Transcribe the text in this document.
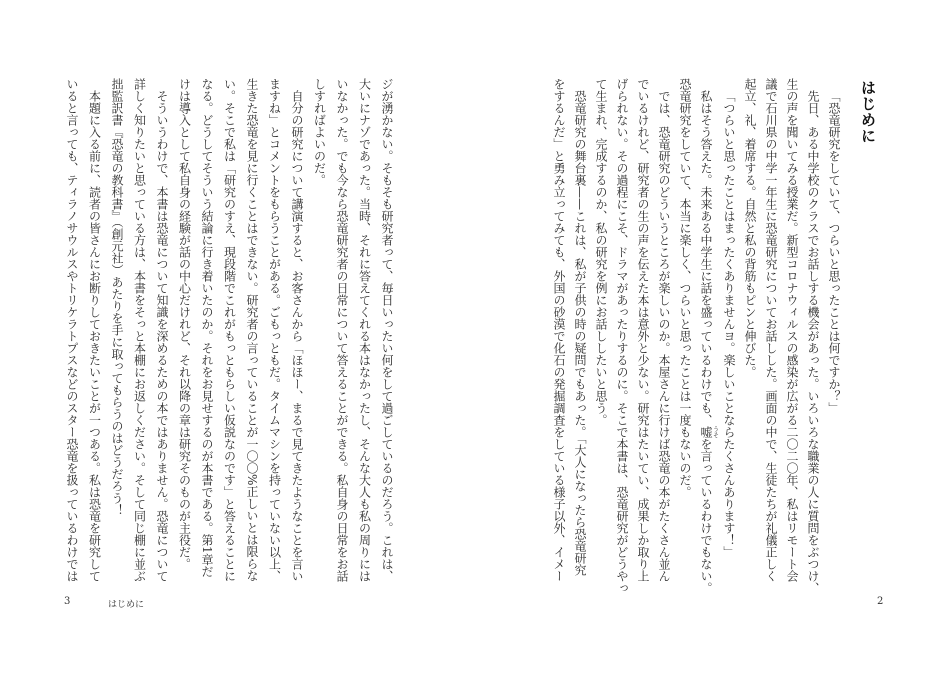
はじめに
「恐竜研究をしていて、つらいと思ったことは何ですか？」
先日、ある中学校のクラスでお話しする機会があった。いろいろな職業の人に質問をぶつけ、
生の声を聞いてみる授業だ。新型コロナウィルスの感染が広がる二〇二〇年、私はリモート会
議で石川県の中学一年生に恐竜研究についてお話しした。画面の中で、生徒たちが礼儀正しく
起立、礼、着席する。自然と私の背筋もピンと伸びた。
「つらいと思ったことはまったくありませんヨ。楽しいことならたくさんあります！」
私はそう答えた。未来ある中学生に話を盛っているわけでも、嘘うそを言っているわけでもない。
恐竜研究をしていて、本当に楽しく、つらいと思ったことは一度もないのだ。
では、恐竜研究のどういうところが楽しいのか。本屋さんに行けば恐竜の本がたくさん並ん
でいるけれど、研究者の生の声を伝えた本は意外と少ない。研究はたいてい、成果しか取り上
げられない。その過程にこそ、ドラマがあったりするのに。そこで本書は、恐竜研究がどうやっ
て生まれ、完成するのか、私の研究を例にお話ししたいと思う。
恐竜研究の舞台裏——これは、私が子供の時の疑問でもあった。「大人になったら恐竜研究
をするんだ」と勇み立ってみても、外国の砂漠で化石の発掘調査をしている様子以外、イメー
ジが湧かない。そもそも研究者って、毎日いったい何をして過ごしているのだろう。これは、
大いにナゾであった。当時、それに答えてくれる本はなかったし、そんな大人も私の周りには
いなかった。でも今なら恐竜研究者の日常について答えることができる。私自身の日常をお話
しすればよいのだ。
自分の研究について講演すると、お客さんから「ほほー、まるで見てきたようなことを言い
ますね」とコメントをもらうことがある。ごもっともだ。タイムマシンを持っていない以上、
生きた恐竜を見に行くことはできない。研究者の言っていることが一〇〇%正しいとは限らな
い。そこで私は「研究のすえ、現段階でこれがもっともらしい仮説なのです」と答えることに
なる。どうしてそういう結論に行き着いたのか。それをお見せするのが本書である。第1章だ
けは導入として私自身の経験が話の中心だけれど、それ以降の章は研究そのものが主役だ。
そういうわけで、本書は恐竜について知識を深めるための本ではありません。恐竜について
詳しく知りたいと思っている方は、本書をそっと本棚にお返しください。そして同じ棚に並ぶ
拙監訳書『恐竜の教科書』（創元社）あたりを手に取ってもらうのはどうだろう！
本題に入る前に、読者の皆さんにお断りしておきたいことが一つある。私は恐竜を研究して
いると言っても、ティラノサウルスやトリケラトプスなどのスター恐竜を扱っているわけでは
2
3	はじめに
